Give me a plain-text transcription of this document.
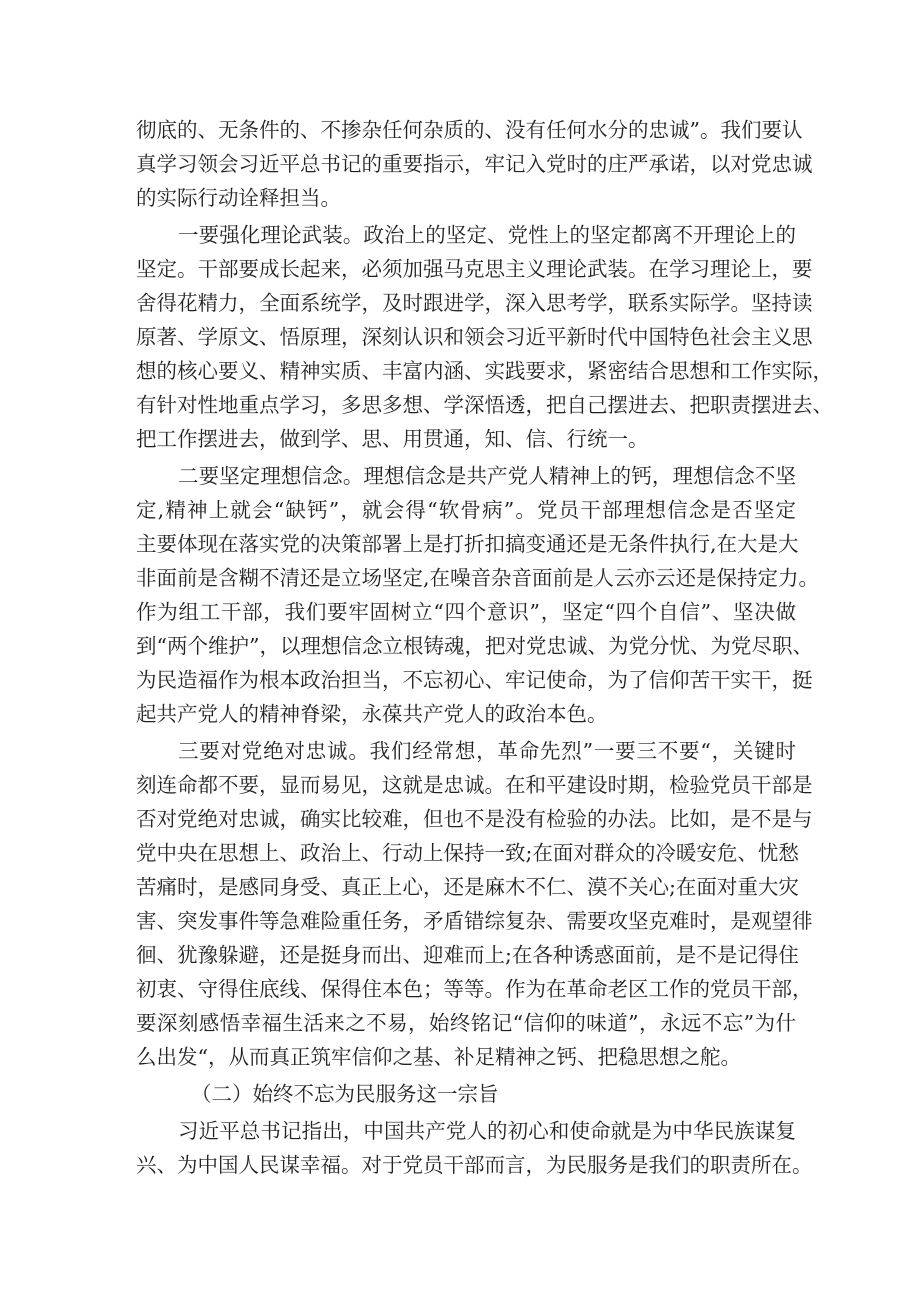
彻底的、无条件的、不掺杂任何杂质的、没有任何水分的忠诚”。我们要认
真学习领会习近平总书记的重要指示，牢记入党时的庄严承诺，以对党忠诚
的实际行动诠释担当。
一要强化理论武装。政治上的坚定、党性上的坚定都离不开理论上的
坚定。干部要成长起来，必须加强马克思主义理论武装。在学习理论上，要
舍得花精力，全面系统学，及时跟进学，深入思考学，联系实际学。坚持读
原著、学原文、悟原理，深刻认识和领会习近平新时代中国特色社会主义思
想的核心要义、精神实质、丰富内涵、实践要求，紧密结合思想和工作实际，
有针对性地重点学习，多思多想、学深悟透，把自己摆进去、把职责摆进去、
把工作摆进去，做到学、思、用贯通，知、信、行统一。
二要坚定理想信念。理想信念是共产党人精神上的钙，理想信念不坚
定,精神上就会“缺钙”，就会得“软骨病”。党员干部理想信念是否坚定
主要体现在落实党的决策部署上是打折扣搞变通还是无条件执行,在大是大
非面前是含糊不清还是立场坚定,在噪音杂音面前是人云亦云还是保持定力。
作为组工干部，我们要牢固树立“四个意识”，坚定“四个自信”、坚决做
到“两个维护”，以理想信念立根铸魂，把对党忠诚、为党分忧、为党尽职、
为民造福作为根本政治担当，不忘初心、牢记使命，为了信仰苦干实干，挺
起共产党人的精神脊梁，永葆共产党人的政治本色。
三要对党绝对忠诚。我们经常想，革命先烈”一要三不要“，关键时
刻连命都不要，显而易见，这就是忠诚。在和平建设时期，检验党员干部是
否对党绝对忠诚，确实比较难，但也不是没有检验的办法。比如，是不是与
党中央在思想上、政治上、行动上保持一致;在面对群众的冷暖安危、忧愁
苦痛时，是感同身受、真正上心，还是麻木不仁、漠不关心;在面对重大灾
害、突发事件等急难险重任务，矛盾错综复杂、需要攻坚克难时，是观望徘
徊、犹豫躲避，还是挺身而出、迎难而上;在各种诱惑面前，是不是记得住
初衷、守得住底线、保得住本色；等等。作为在革命老区工作的党员干部，
要深刻感悟幸福生活来之不易，始终铭记“信仰的味道”，永远不忘”为什
么出发“，从而真正筑牢信仰之基、补足精神之钙、把稳思想之舵。
（二）始终不忘为民服务这一宗旨
习近平总书记指出，中国共产党人的初心和使命就是为中华民族谋复
兴、为中国人民谋幸福。对于党员干部而言，为民服务是我们的职责所在。
